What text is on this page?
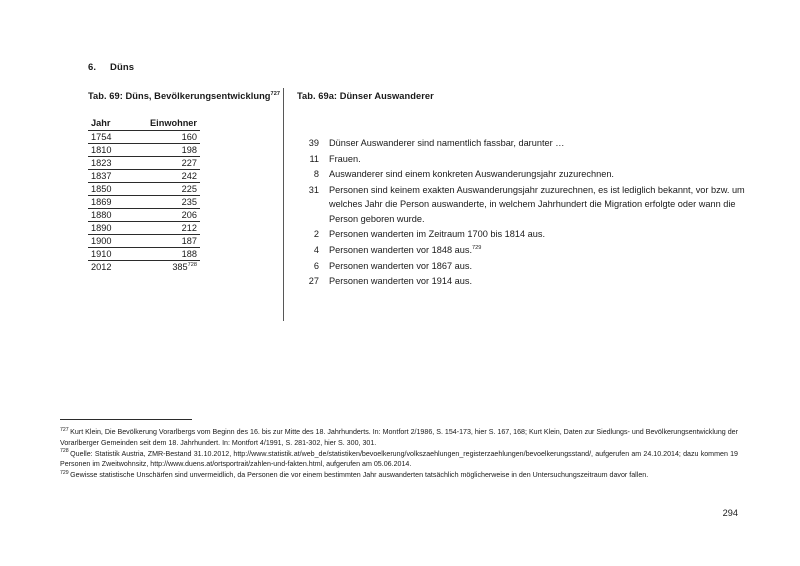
6. Düns
Tab. 69: Düns, Bevölkerungsentwicklung$^{727}$ Tab. 69a: Dünser Auswanderer
Jahr	Einwohner
1754	160
1810	198
1823	227
1837	242
1850	225
1869	235
1880	206
1890	212
1900	187
1910	188
2012	$385^{728}$
39	Dünser Auswanderer sind namentlich fassbar, darunter …
11	Frauen.
8	Auswanderer sind einem konkreten Auswanderungsjahr zuzurechnen.
31	Personen sind keinem exakten Auswanderungsjahr zuzurechnen, es ist lediglich bekannt, vor bzw. um welches Jahr die Person auswanderte, in welchem Jahrhundert die Migration erfolgte oder wann die Person geboren wurde.
2	Personen wanderten im Zeitraum 1700 bis 1814 aus.
4	Personen wanderten vor 1848 aus.$^{729}$
6	Personen wanderten vor 1867 aus.
27	Personen wanderten vor 1914 aus.
$^{727}$ Kurt Klein, Die Bevölkerung Vorarlbergs vom Beginn des 16. bis zur Mitte des 18. Jahrhunderts. In: Montfort 2/1986, S. 154-173, hier S. 167, 168; Kurt Klein, Daten zur Siedlungs- und Bevölkerungsentwicklung der Vorarlberger Gemeinden seit dem 18. Jahrhundert. In: Montfort 4/1991, S. 281-302, hier S. 300, 301.
$^{728}$ Quelle: Statistik Austria, ZMR-Bestand 31.10.2012, http://www.statistik.at/web_de/statistiken/bevoelkerung/volkszaehlungen_registerzaehlungen/bevoelkerungsstand/, aufgerufen am 24.10.2014; dazu kommen 19 Personen im Zweitwohnsitz, http://www.duens.at/ortsportrait/zahlen-und-fakten.html, aufgerufen am 05.06.2014.
$^{729}$ Gewisse statistische Unschärfen sind unvermeidlich, da Personen die vor einem bestimmten Jahr auswanderten tatsächlich möglicherweise in den Untersuchungszeitraum davor fallen.
294
